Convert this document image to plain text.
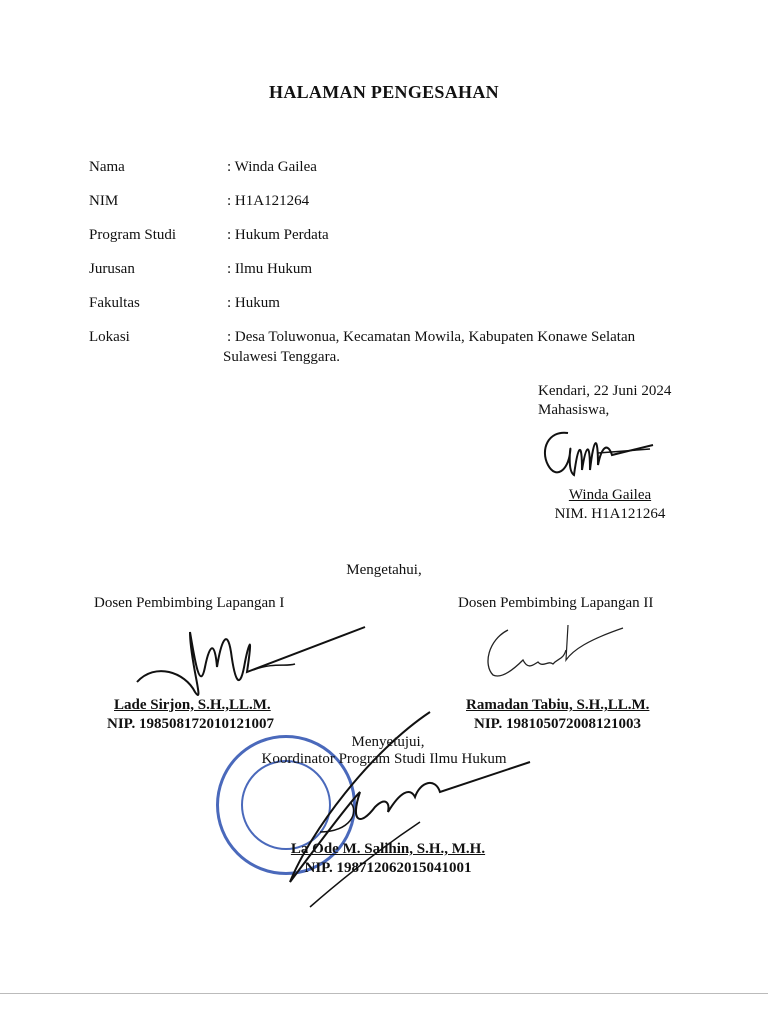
HALAMAN PENGESAHAN
Nama	: Winda Gailea
NIM	: H1A121264
Program Studi	: Hukum Perdata
Jurusan	: Ilmu Hukum
Fakultas	: Hukum
Lokasi	: Desa Toluwonua, Kecamatan Mowila, Kabupaten Konawe Selatan
Sulawesi Tenggara.
Kendari, 22 Juni 2024
Mahasiswa,
Winda Gailea
NIM. H1A121264
Mengetahui,
Dosen Pembimbing Lapangan I
Lade Sirjon, S.H.,LL.M.
NIP. 198508172010121007
Dosen Pembimbing Lapangan II
Ramadan Tabiu, S.H.,LL.M.
NIP. 198105072008121003
Menyetujui,
Koordinator Program Studi Ilmu Hukum
La Ode M. Salihin, S.H., M.H.
NIP. 198712062015041001
